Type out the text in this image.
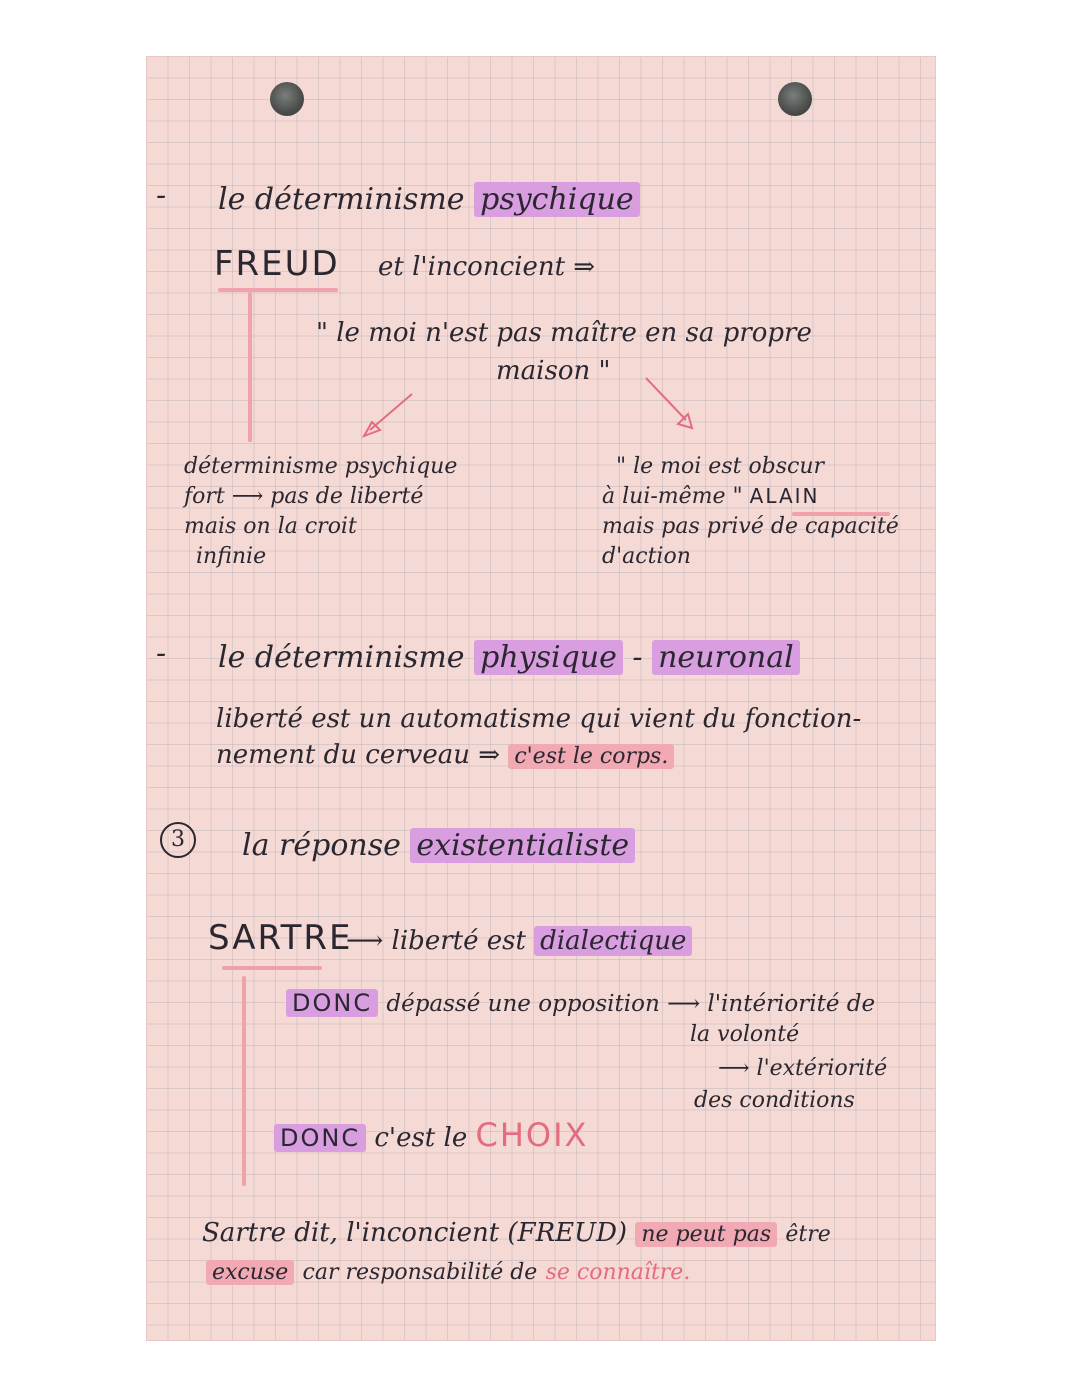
- le déterminisme psychique
FREUD et l'inconcient ⇒
" le moi n'est pas maître en sa propre
maison "
déterminisme psychique
fort ⟶ pas de liberté
mais on la croit
infinie
" le moi est obscur
à lui-même " ALAIN
mais pas privé de capacité
d'action
- le déterminisme physique - neuronal
liberté est un automatisme qui vient du fonction-
nement du cerveau ⇒ c'est le corps.
3	la réponse existentialiste
SARTRE
⟶ liberté est dialectique
DONC dépassé une opposition ⟶ l'intériorité de
la volonté
⟶ l'extériorité
des conditions
DONC c'est le CHOIX
Sartre dit, l'inconcient (FREUD) ne peut pas être
excuse car responsabilité de se connaître.
